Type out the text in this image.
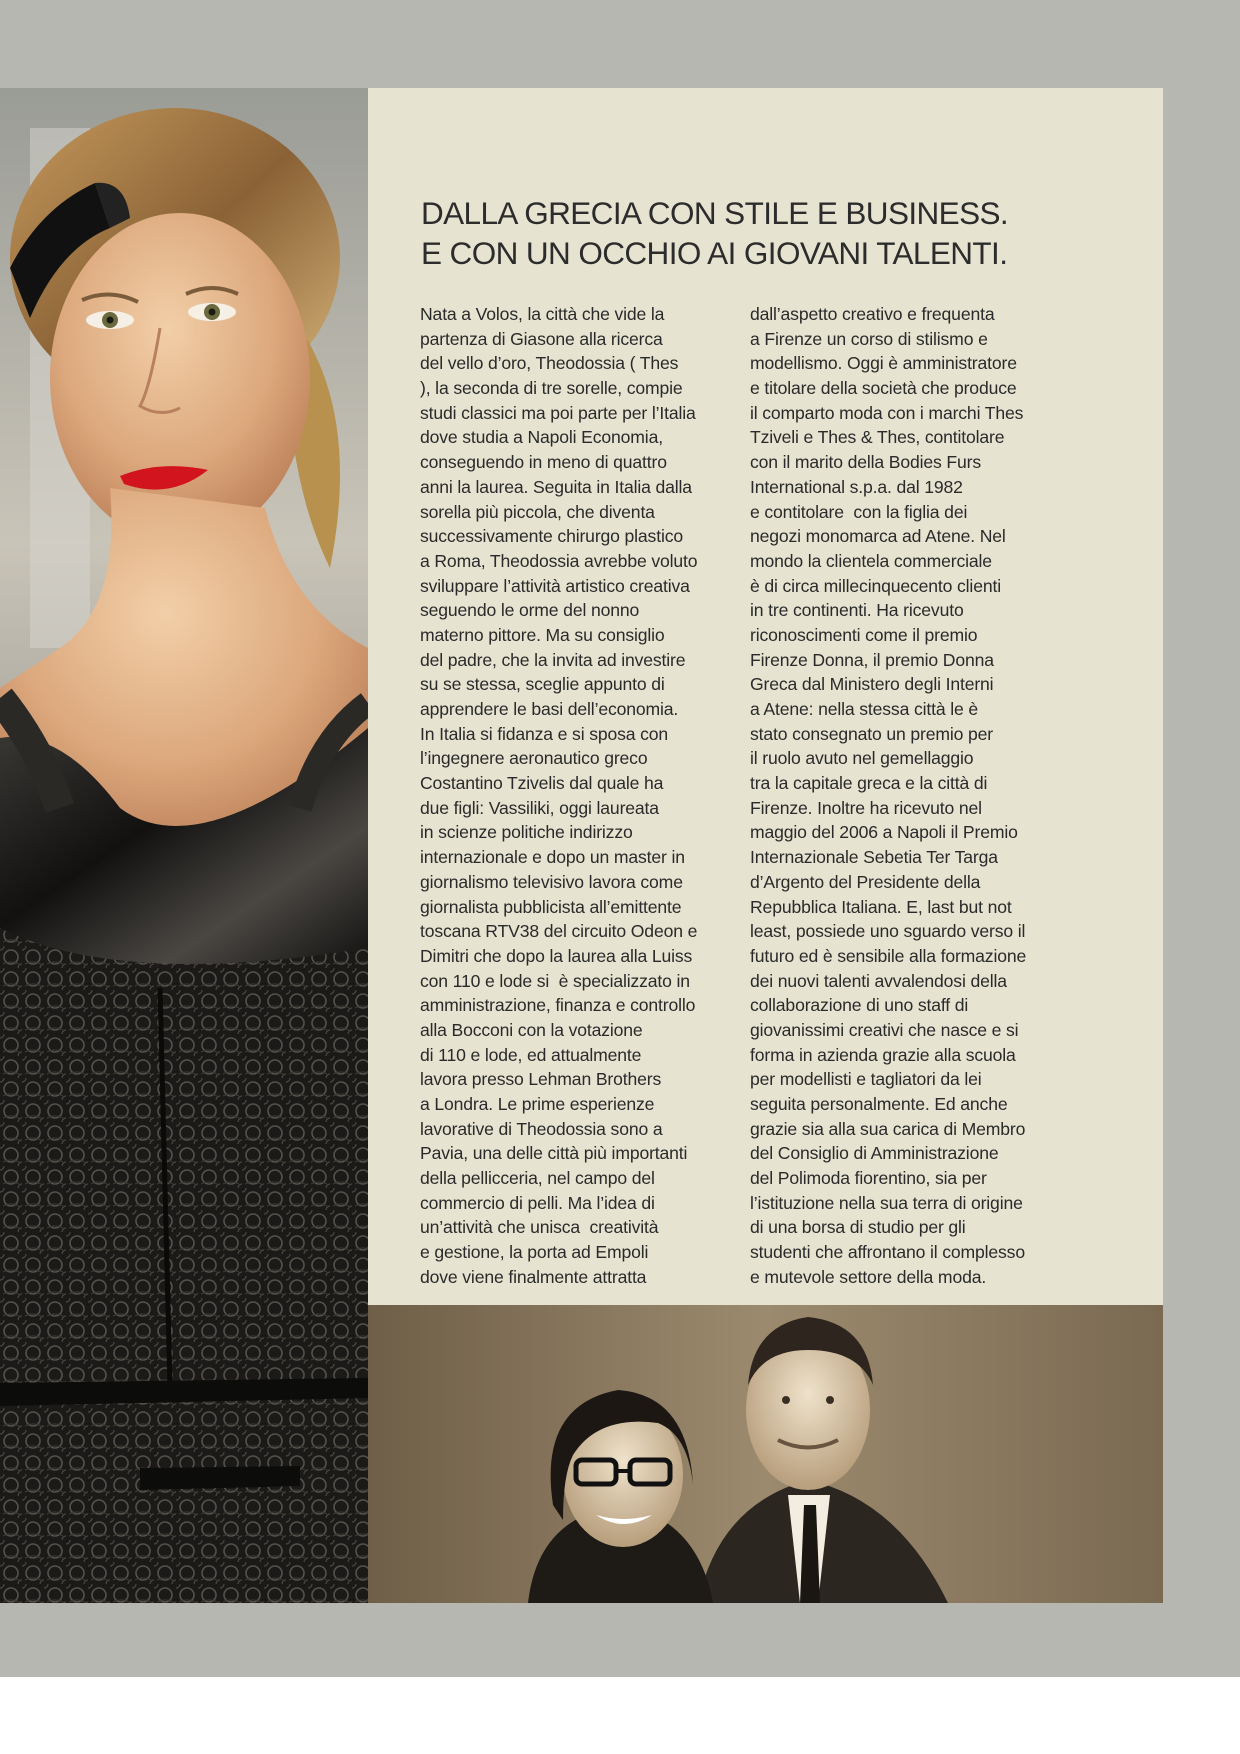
DALLA GRECIA CON STILE E BUSINESS.
E CON UN OCCHIO AI GIOVANI TALENTI.
Nata a Volos, la città che vide la
partenza di Giasone alla ricerca
del vello d’oro, Theodossia ( Thes
), la seconda di tre sorelle, compie
studi classici ma poi parte per l’Italia
dove studia a Napoli Economia,
conseguendo in meno di quattro
anni la laurea. Seguita in Italia dalla
sorella più piccola, che diventa
successivamente chirurgo plastico
a Roma, Theodossia avrebbe voluto
sviluppare l’attività artistico creativa
seguendo le orme del nonno
materno pittore. Ma su consiglio
del padre, che la invita ad investire
su se stessa, sceglie appunto di
apprendere le basi dell’economia.
In Italia si fidanza e si sposa con
l’ingegnere aeronautico greco
Costantino Tzivelis dal quale ha
due figli: Vassiliki, oggi laureata
in scienze politiche indirizzo
internazionale e dopo un master in
giornalismo televisivo lavora come
giornalista pubblicista all’emittente
toscana RTV38 del circuito Odeon e
Dimitri che dopo la laurea alla Luiss
con 110 e lode si  è specializzato in
amministrazione, finanza e controllo
alla Bocconi con la votazione
di 110 e lode, ed attualmente
lavora presso Lehman Brothers
a Londra. Le prime esperienze
lavorative di Theodossia sono a
Pavia, una delle città più importanti
della pellicceria, nel campo del
commercio di pelli. Ma l’idea di
un’attività che unisca  creatività
e gestione, la porta ad Empoli
dove viene finalmente attratta
dall’aspetto creativo e frequenta
a Firenze un corso di stilismo e
modellismo. Oggi è amministratore
e titolare della società che produce
il comparto moda con i marchi Thes
Tziveli e Thes & Thes, contitolare
con il marito della Bodies Furs
International s.p.a. dal 1982
e contitolare  con la figlia dei
negozi monomarca ad Atene. Nel
mondo la clientela commerciale
è di circa millecinquecento clienti
in tre continenti. Ha ricevuto
riconoscimenti come il premio
Firenze Donna, il premio Donna
Greca dal Ministero degli Interni
a Atene: nella stessa città le è
stato consegnato un premio per
il ruolo avuto nel gemellaggio
tra la capitale greca e la città di
Firenze. Inoltre ha ricevuto nel
maggio del 2006 a Napoli il Premio
Internazionale Sebetia Ter Targa
d’Argento del Presidente della
Repubblica Italiana. E, last but not
least, possiede uno sguardo verso il
futuro ed è sensibile alla formazione
dei nuovi talenti avvalendosi della
collaborazione di uno staff di
giovanissimi creativi che nasce e si
forma in azienda grazie alla scuola
per modellisti e tagliatori da lei
seguita personalmente. Ed anche
grazie sia alla sua carica di Membro
del Consiglio di Amministrazione
del Polimoda fiorentino, sia per
l’istituzione nella sua terra di origine
di una borsa di studio per gli
studenti che affrontano il complesso
e mutevole settore della moda.
